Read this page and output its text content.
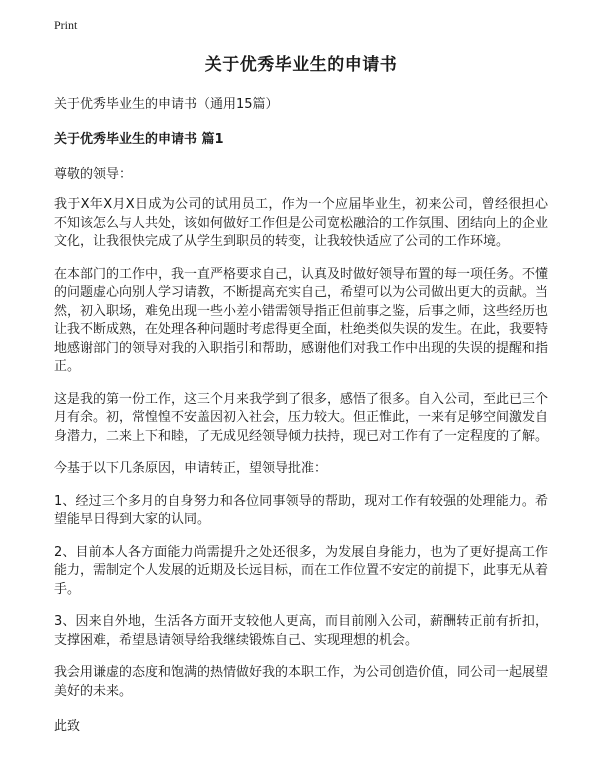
Print
关于优秀毕业生的申请书
关于优秀毕业生的申请书（通用15篇）
关于优秀毕业生的申请书 篇1
尊敬的领导：
我于X年X月X日成为公司的试用员工，作为一个应届毕业生，初来公司，曾经很担心不知该怎么与人共处，该如何做好工作但是公司宽松融洽的工作氛围、团结向上的企业文化，让我很快完成了从学生到职员的转变，让我较快适应了公司的工作环境。
在本部门的工作中，我一直严格要求自己，认真及时做好领导布置的每一项任务。不懂的问题虚心向别人学习请教，不断提高充实自己，希望可以为公司做出更大的贡献。当然，初入职场，难免出现一些小差小错需领导指正但前事之鉴，后事之师，这些经历也让我不断成熟，在处理各种问题时考虑得更全面，杜绝类似失误的发生。在此，我要特地感谢部门的领导对我的入职指引和帮助，感谢他们对我工作中出现的失误的提醒和指正。
这是我的第一份工作，这三个月来我学到了很多，感悟了很多。自入公司，至此已三个月有余。初，常惶惶不安盖因初入社会，压力较大。但正惟此，一来有足够空间激发自身潜力，二来上下和睦，了无成见经领导倾力扶持，现已对工作有了一定程度的了解。
今基于以下几条原因，申请转正，望领导批准：
1、经过三个多月的自身努力和各位同事领导的帮助，现对工作有较强的处理能力。希望能早日得到大家的认同。
2、目前本人各方面能力尚需提升之处还很多，为发展自身能力，也为了更好提高工作能力，需制定个人发展的近期及长远目标，而在工作位置不安定的前提下，此事无从着手。
3、因来自外地，生活各方面开支较他人更高，而目前刚入公司，薪酬转正前有折扣，支撑困难，希望恳请领导给我继续锻炼自己、实现理想的机会。
我会用谦虚的态度和饱满的热情做好我的本职工作，为公司创造价值，同公司一起展望美好的未来。
此致
